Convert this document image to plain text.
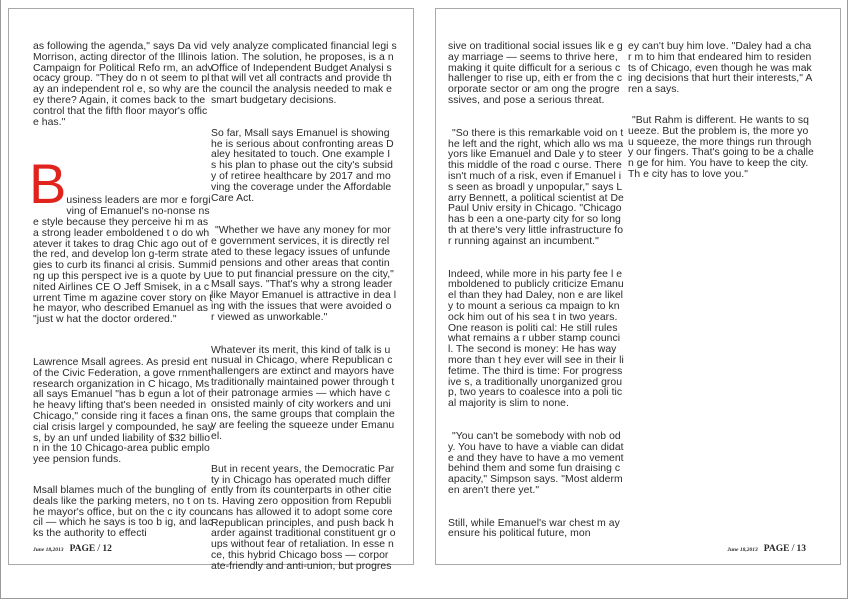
as following the agenda," says Da vid Morrison, acting director of the Illinois Campaign for Political Refo rm, an advocacy group. "They do n ot seem to play an independent rol e, so why are they there? Again, it comes back to the control that the fifth floor mayor's office has."

B usiness leaders are mor e forgiving of Emanuel's no-nonse nse style because they perceive hi m as a strong leader emboldened t o do whatever it takes to drag Chic ago out of the red, and develop lon g-term strategies to curb its financi al crisis. Summing up this perspect ive is a quote by United Airlines CE O Jeff Smisek, in a current Time m agazine cover story on the mayor, who described Emanuel as "just w hat the doctor ordered."

Lawrence Msall agrees. As presid ent of the Civic Federation, a gove rnment research organization in C hicago, Msall says Emanuel "has b egun a lot of the heavy lifting that's been needed in Chicago," conside ring it faces a financial crisis largel y compounded, he says, by an unf unded liability of $32 billion in the 10 Chicago-area public employee pension funds.

Msall blames much of the bungling of deals like the parking meters, no t on the mayor's office, but on the c ity council — which he says is too b ig, and lacks the authority to effecti

vely analyze complicated financial legi slation. The solution, he proposes, is a n Office of Independent Budget Analysi s that will vet all contracts and provide the council the analysis needed to mak e smart budgetary decisions.

So far, Msall says Emanuel is showing he is serious about confronting areas D aley hesitated to touch. One example I s his plan to phase out the city's subsid y of retiree healthcare by 2017 and mo ving the coverage under the Affordable Care Act.

"Whether we have any money for mor e government services, it is directly rel ated to these legacy issues of unfunde d pensions and other areas that contin ue to put financial pressure on the city," Msall says. "That's why a strong leader like Mayor Emanuel is attractive in dea ling with the issues that were avoided o r viewed as unworkable."

Whatever its merit, this kind of talk is u nusual in Chicago, where Republican c hallengers are extinct and mayors have traditionally maintained power through their patronage armies — which have c onsisted mainly of city workers and uni ons, the same groups that complain the y are feeling the squeeze under Emanu el.

But in recent years, the Democratic Par ty in Chicago has operated much differ ently from its counterparts in other citie s. Having zero opposition from Republi cans has allowed it to adopt some core Republican principles, and push back h arder against traditional constituent gr oups without fear of retaliation. In esse nce, this hybrid Chicago boss — corpor ate-friendly and anti-union, but progres

June 18,2013 PAGE / 12

sive on traditional social issues lik e gay marriage — seems to thrive here, making it quite difficult for a serious challenger to rise up, eith er from the corporate sector or am ong the progressives, and pose a serious threat.

"So there is this remarkable void on the left and the right, which allo ws mayors like Emanuel and Dale y to steer this middle of the road c ourse. There isn't much of a risk, even if Emanuel is seen as broadl y unpopular," says Larry Bennett, a political scientist at DePaul Univ ersity in Chicago. "Chicago has b een a one-party city for so long th at there's very little infrastructure for running against an incumbent."

Indeed, while more in his party fee l emboldened to publicly criticize Emanuel than they had Daley, non e are likely to mount a serious ca mpaign to knock him out of his sea t in two years. One reason is politi cal: He still rules what remains a r ubber stamp council. The second is money: He has way more than t hey ever will see in their lifetime. The third is time: For progressive s, a traditionally unorganized grou p, two years to coalesce into a poli tical majority is slim to none.

"You can't be somebody with nob ody. You have to have a viable can didate and they have to have a mo vement behind them and some fun draising capacity," Simpson says. "Most aldermen aren't there yet."

Still, while Emanuel's war chest m ay ensure his political future, mon

ey can't buy him love. "Daley had a char m to him that endeared him to residents of Chicago, even though he was making decisions that hurt their interests," Aren a says.

"But Rahm is different. He wants to sq ueeze. But the problem is, the more you squeeze, the more things run through y our fingers. That's going to be a challen ge for him. You have to keep the city. Th e city has to love you."

June 18,2013 PAGE / 13
